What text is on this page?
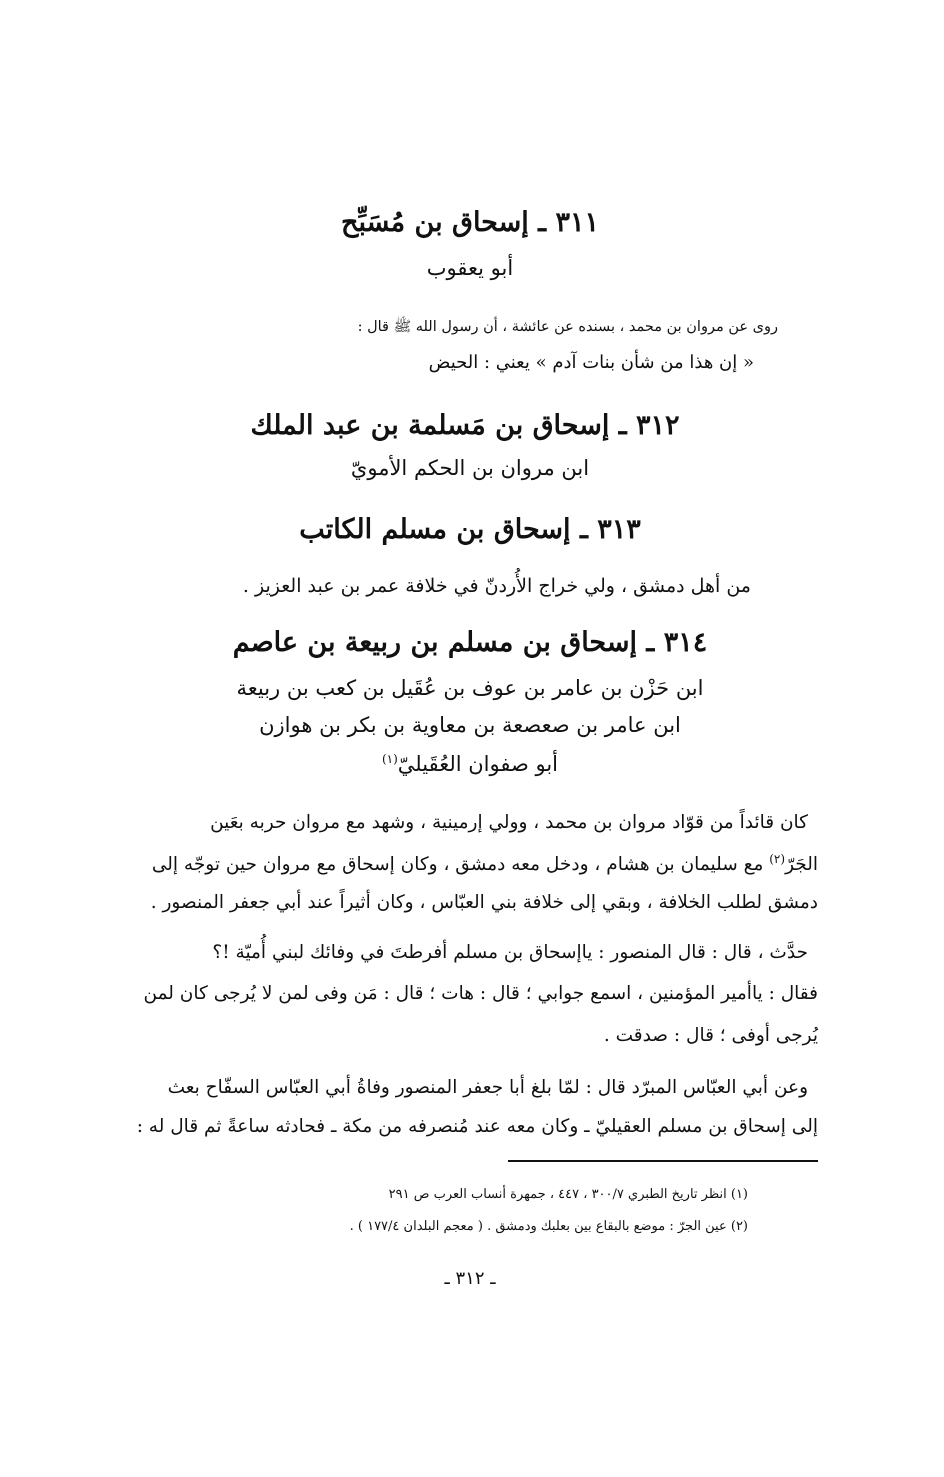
٣١١ ـ إسحاق بن مُسَبِّح
أبو يعقوب
روى عن مروان بن محمد ، بسنده عن عائشة ، أن رسول الله ﷺ قال :
« إن هذا من شأن بنات آدم » يعني : الحيض
٣١٢ ـ إسحاق بن مَسلمة بن عبد الملك
ابن مروان بن الحكم الأمويّ
٣١٣ ـ إسحاق بن مسلم الكاتب
من أهل دمشق ، ولي خراج الأُردنّ في خلافة عمر بن عبد العزيز .
٣١٤ ـ إسحاق بن مسلم بن ربيعة بن عاصم
ابن حَزْن بن عامر بن عوف بن عُقَيل بن كعب بن ربيعة
ابن عامر بن صعصعة بن معاوية بن بكر بن هوازن
أبو صفوان العُقَيليّ$^{(١)}$
كان قائداً من قوّاد مروان بن محمد ، وولي إرمينية ، وشهد مع مروان حربه بعَين
الجَرّ$^{(٢)}$ مع سليمان بن هشام ، ودخل معه دمشق ، وكان إسحاق مع مروان حين توجّه إلى
دمشق لطلب الخلافة ، وبقي إلى خلافة بني العبّاس ، وكان أثيراً عند أبي جعفر المنصور .
حدَّث ، قال : قال المنصور : ياإسحاق بن مسلم أفرطتَ في وفائك لبني أُميّة !؟
فقال : ياأمير المؤمنين ، اسمع جوابي ؛ قال : هات ؛ قال : مَن وفى لمن لا يُرجى كان لمن
يُرجى أوفى ؛ قال : صدقت .
وعن أبي العبّاس المبرّد قال : لمّا بلغ أبا جعفر المنصور وفاةُ أبي العبّاس السفّاح بعث
إلى إسحاق بن مسلم العقيليّ ـ وكان معه عند مُنصرفه من مكة ـ فحادثه ساعةً ثم قال له :
(١) انظر تاريخ الطبري ٣٠٠/٧ ، ٤٤٧ ، جمهرة أنساب العرب ص ٢٩١
(٢) عين الجرّ : موضع بالبقاع بين بعلبك ودمشق . ( معجم البلدان ١٧٧/٤ ) .
ـ ٣١٢ ـ
